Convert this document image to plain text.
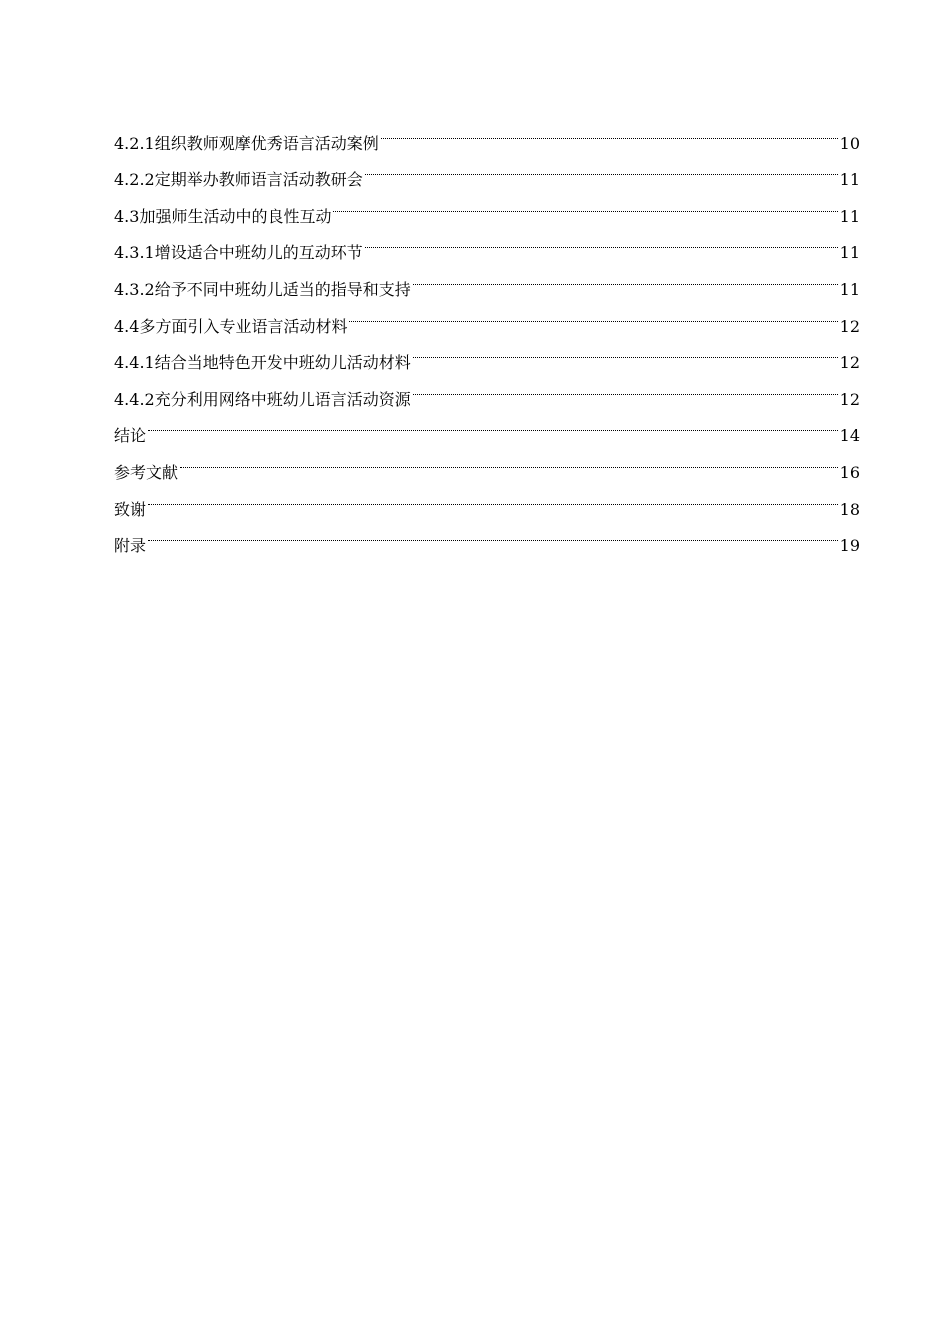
4.2.1组织教师观摩优秀语言活动案例	10
4.2.2定期举办教师语言活动教研会	11
4.3加强师生活动中的良性互动	11
4.3.1增设适合中班幼儿的互动环节	11
4.3.2给予不同中班幼儿适当的指导和支持	11
4.4多方面引入专业语言活动材料	12
4.4.1结合当地特色开发中班幼儿活动材料	12
4.4.2充分利用网络中班幼儿语言活动资源	12
结论	14
参考文献	16
致谢	18
附录	19
